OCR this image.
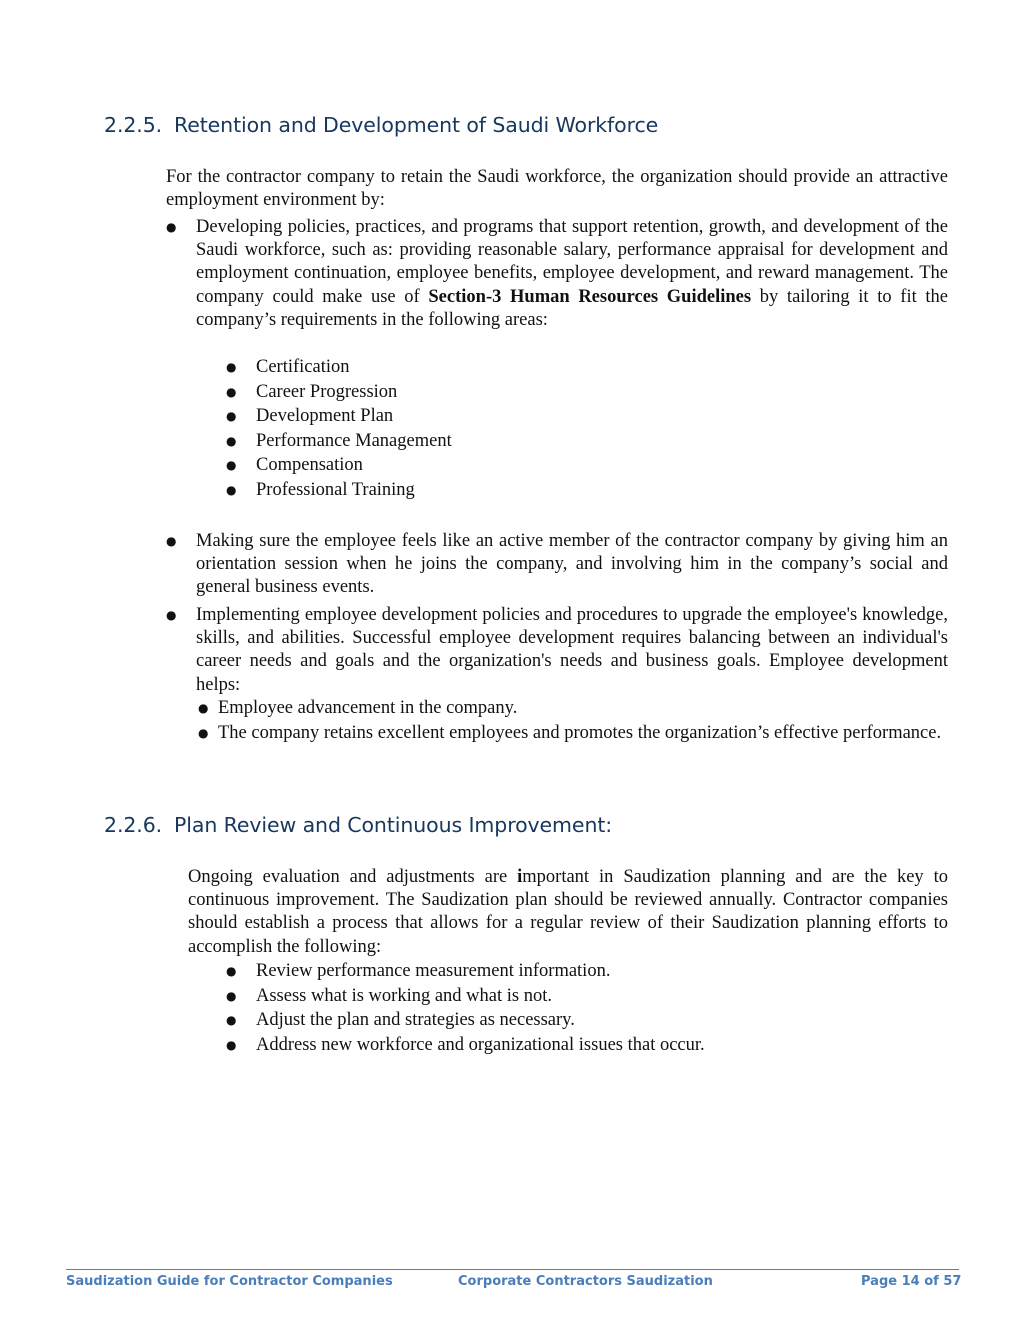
2.2.5. Retention and Development of Saudi Workforce

For the contractor company to retain the Saudi workforce, the organization should provide an attractive employment environment by:

● Developing policies, practices, and programs that support retention, growth, and development of the Saudi workforce, such as: providing reasonable salary, performance appraisal for development and employment continuation, employee benefits, employee development, and reward management. The company could make use of Section-3 Human Resources Guidelines by tailoring it to fit the company’s requirements in the following areas:
● Certification
● Career Progression
● Development Plan
● Performance Management
● Compensation
● Professional Training
● Making sure the employee feels like an active member of the contractor company by giving him an orientation session when he joins the company, and involving him in the company’s social and general business events.
● Implementing employee development policies and procedures to upgrade the employee's knowledge, skills, and abilities. Successful employee development requires balancing between an individual's career needs and goals and the organization's needs and business goals. Employee development helps:
● Employee advancement in the company.
● The company retains excellent employees and promotes the organization’s effective performance.
2.2.6. Plan Review and Continuous Improvement:

Ongoing evaluation and adjustments are important in Saudization planning and are the key to continuous improvement. The Saudization plan should be reviewed annually. Contractor companies should establish a process that allows for a regular review of their Saudization planning efforts to accomplish the following:

● Review performance measurement information.
● Assess what is working and what is not.
● Adjust the plan and strategies as necessary.
● Address new workforce and organizational issues that occur.
Saudization Guide for Contractor Companies	Corporate Contractors Saudization	Page 14 of 57
